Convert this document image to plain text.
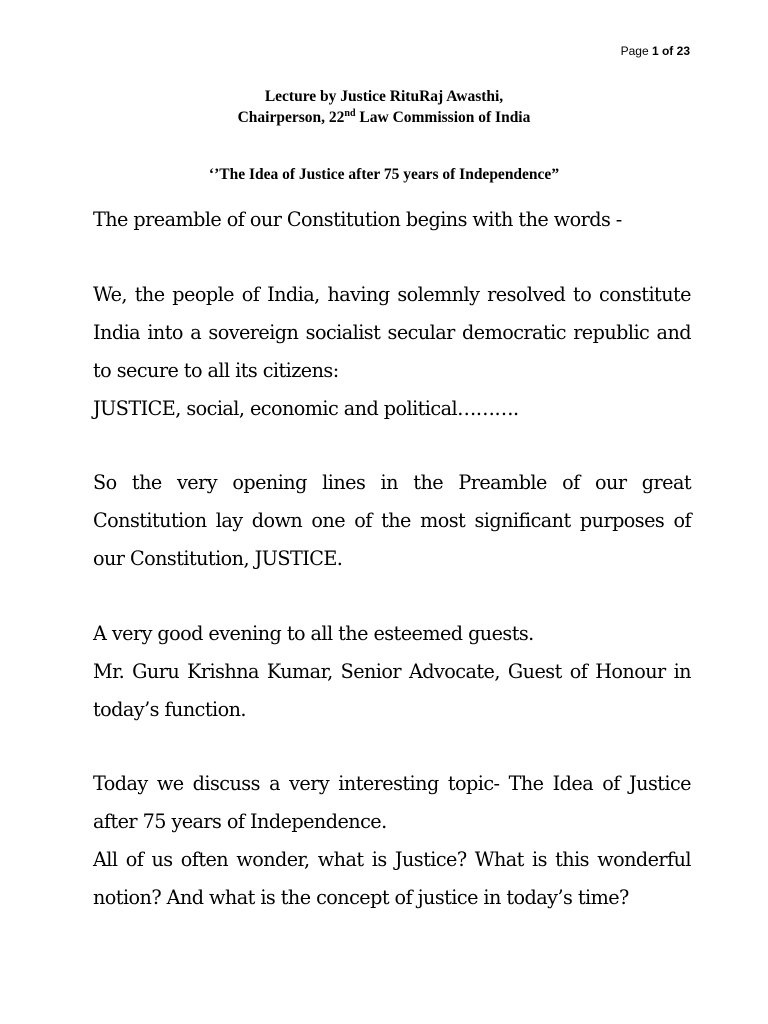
Page 1 of 23
Lecture by Justice RituRaj Awasthi,
Chairperson, 22nd Law Commission of India
‘’The Idea of Justice after 75 years of Independence”

The preamble of our Constitution begins with the words -

We, the people of India, having solemnly resolved to constitute India into a sovereign socialist secular democratic republic and to secure to all its citizens:

JUSTICE, social, economic and political……….

So the very opening lines in the Preamble of our great Constitution lay down one of the most significant purposes of our Constitution, JUSTICE.

A very good evening to all the esteemed guests.

Mr. Guru Krishna Kumar, Senior Advocate, Guest of Honour in today’s function.

Today we discuss a very interesting topic- The Idea of Justice after 75 years of Independence.

All of us often wonder, what is Justice? What is this wonderful notion? And what is the concept of justice in today’s time?
